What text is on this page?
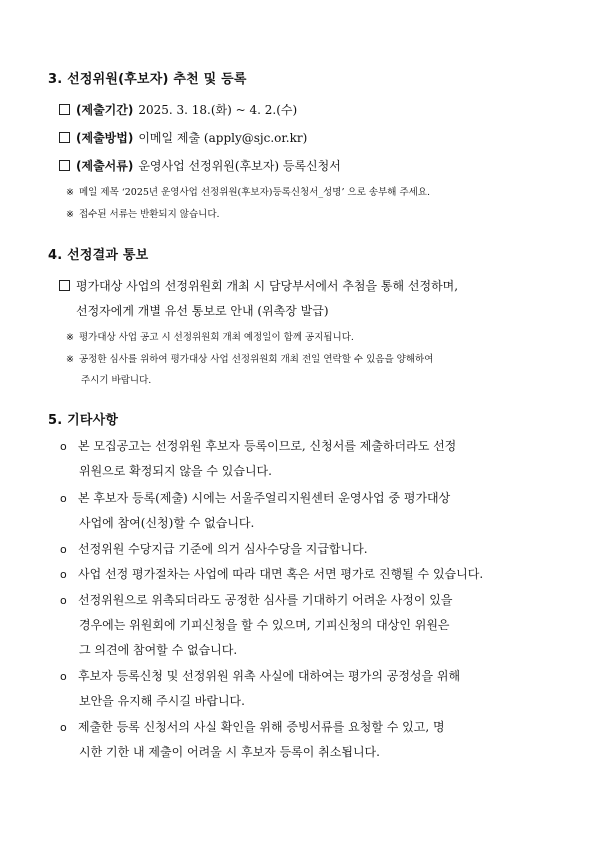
3. 선정위원(후보자) 추천 및 등록
(제출기간) 2025. 3. 18.(화) ~ 4. 2.(수)
(제출방법) 이메일 제출 (apply@sjc.or.kr)
(제출서류) 운영사업 선정위원(후보자) 등록신청서
※ 메일 제목 ‘2025년 운영사업 선정위원(후보자)등록신청서_성명’ 으로 송부해 주세요.
※ 접수된 서류는 반환되지 않습니다.
4. 선정결과 통보
평가대상 사업의 선정위원회 개최 시 담당부서에서 추첨을 통해 선정하며,
선정자에게 개별 유선 통보로 안내 (위촉장 발급)
※ 평가대상 사업 공고 시 선정위원회 개최 예정일이 함께 공지됩니다.
※ 공정한 심사를 위하여 평가대상 사업 선정위원회 개최 전일 연락할 수 있음을 양해하여
주시기 바랍니다.
5. 기타사항
o 본 모집공고는 선정위원 후보자 등록이므로, 신청서를 제출하더라도 선정
위원으로 확정되지 않을 수 있습니다.
o 본 후보자 등록(제출) 시에는 서울주얼리지원센터 운영사업 중 평가대상
사업에 참여(신청)할 수 없습니다.
o 선정위원 수당지급 기준에 의거 심사수당을 지급합니다.
o 사업 선정 평가절차는 사업에 따라 대면 혹은 서면 평가로 진행될 수 있습니다.
o 선정위원으로 위촉되더라도 공정한 심사를 기대하기 어려운 사정이 있을
경우에는 위원회에 기피신청을 할 수 있으며, 기피신청의 대상인 위원은
그 의견에 참여할 수 없습니다.
o 후보자 등록신청 및 선정위원 위촉 사실에 대하여는 평가의 공정성을 위해
보안을 유지해 주시길 바랍니다.
o 제출한 등록 신청서의 사실 확인을 위해 증빙서류를 요청할 수 있고, 명
시한 기한 내 제출이 어려울 시 후보자 등록이 취소됩니다.
